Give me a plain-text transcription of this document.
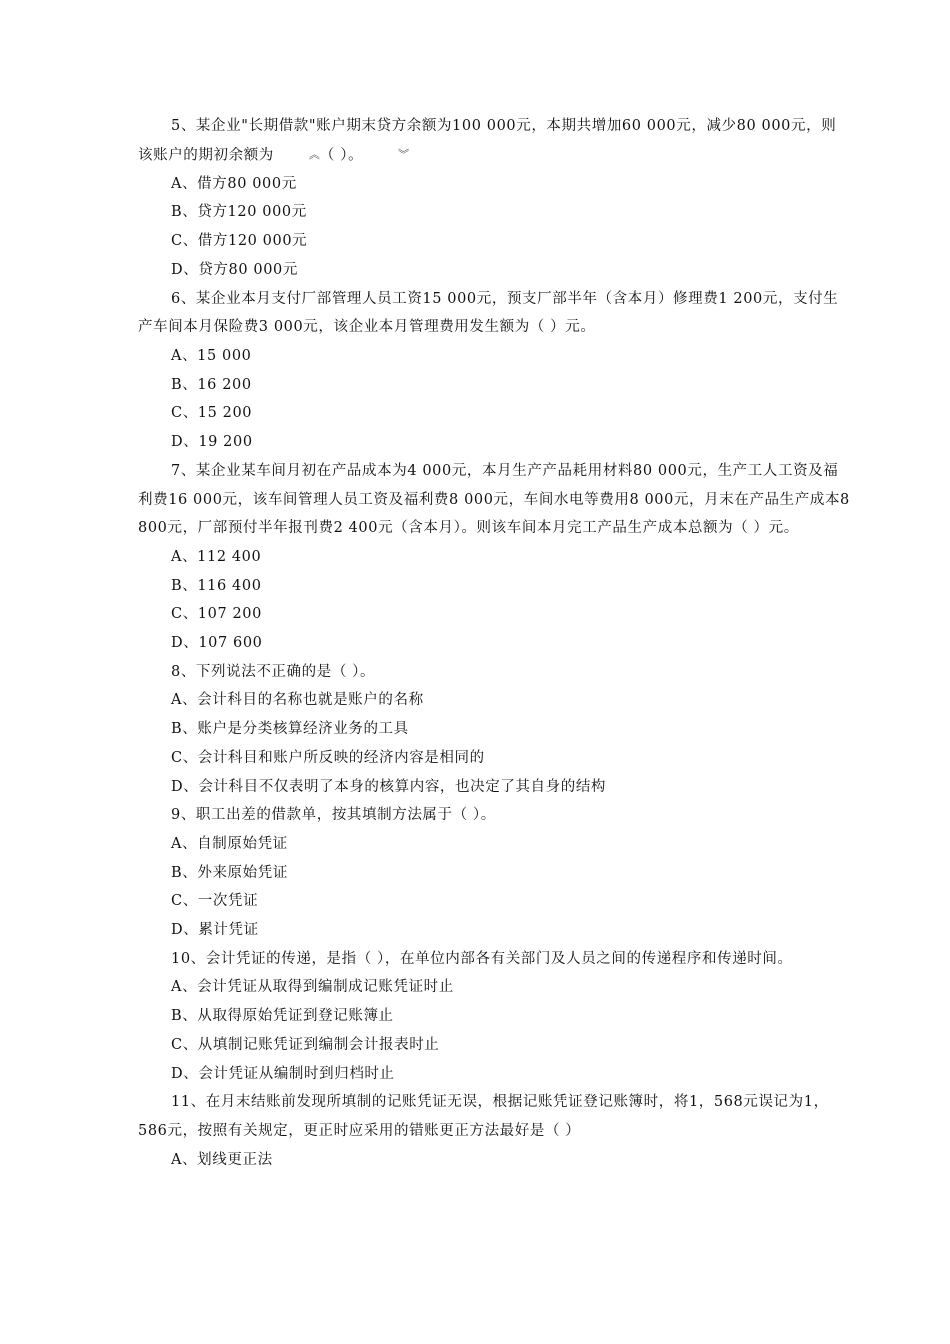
5、某企业"长期借款"账户期末贷方余额为100 000元，本期共增加60 000元，减少80 000元，则该账户的期初余额为	︽ （ ）。	︾

A、借方80 000元
B、贷方120 000元
C、借方120 000元
D、贷方80 000元

6、某企业本月支付厂部管理人员工资15 000元，预支厂部半年（含本月）修理费1 200元，支付生产车间本月保险费3 000元，该企业本月管理费用发生额为（ ）元。

A、15 000
B、16 200
C、15 200
D、19 200

7、某企业某车间月初在产品成本为4 000元，本月生产产品耗用材料80 000元，生产工人工资及福利费16 000元，该车间管理人员工资及福利费8 000元，车间水电等费用8 000元，月末在产品生产成本8 800元，厂部预付半年报刊费2 400元（含本月）。则该车间本月完工产品生产成本总额为（ ）元。

A、112 400
B、116 400
C、107 200
D、107 600

8、下列说法不正确的是（ ）。

A、会计科目的名称也就是账户的名称
B、账户是分类核算经济业务的工具
C、会计科目和账户所反映的经济内容是相同的
D、会计科目不仅表明了本身的核算内容，也决定了其自身的结构

9、职工出差的借款单，按其填制方法属于（ ）。

A、自制原始凭证
B、外来原始凭证
C、一次凭证
D、累计凭证

10、会计凭证的传递，是指（ ），在单位内部各有关部门及人员之间的传递程序和传递时间。

A、会计凭证从取得到编制成记账凭证时止
B、从取得原始凭证到登记账簿止
C、从填制记账凭证到编制会计报表时止
D、会计凭证从编制时到归档时止

11、在月末结账前发现所填制的记账凭证无误，根据记账凭证登记账簿时，将1，568元误记为1，586元，按照有关规定，更正时应采用的错账更正方法最好是（ ）

A、划线更正法
